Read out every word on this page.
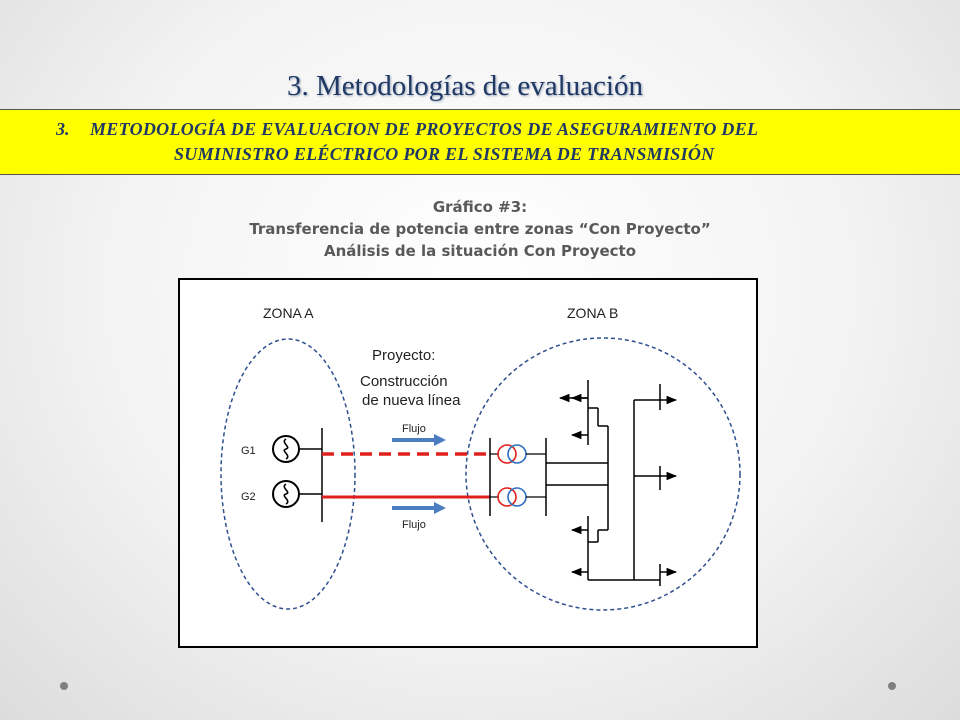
3. Metodologías de evaluación
3. METODOLOGÍA DE EVALUACION DE PROYECTOS DE ASEGURAMIENTO DEL
SUMINISTRO ELÉCTRICO POR EL SISTEMA DE TRANSMISIÓN
Gráfico #3:
Transferencia de potencia entre zonas “Con Proyecto”
Análisis de la situación Con Proyecto
ZONA A	ZONA B
Proyecto:
Construcción
de nueva línea
G1
G2
Flujo
Flujo
